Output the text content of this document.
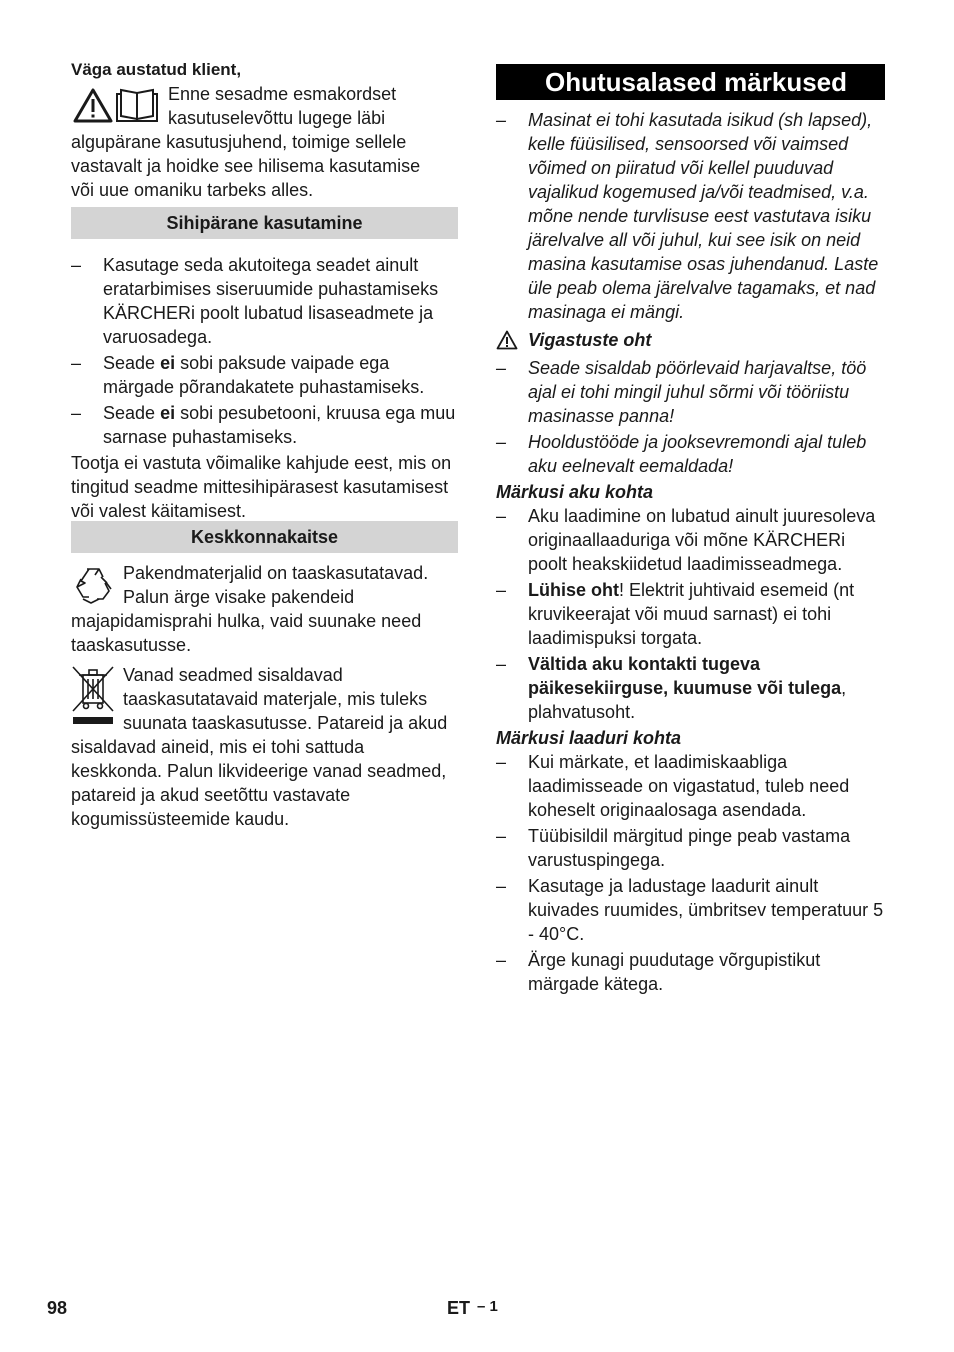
Väga austatud klient,

Enne sesadme esmakordset

kasutuselevõttu lugege läbi

algupärane kasutusjuhend, toimige sellele

vastavalt ja hoidke see hilisema kasutamise

või uue omaniku tarbeks alles.

Sihipärane kasutamine
– Kasutage seda akutoitega seadet ainult eratarbimises siseruumide puhastamiseks KÄRCHERi poolt lubatud lisaseadmete ja varuosadega.
– Seade ei sobi paksude vaipade ega märgade põrandakatete puhastamiseks.
– Seade ei sobi pesubetooni, kruusa ega muu sarnase puhastamiseks.

Tootja ei vastuta võimalike kahjude eest, mis on tingitud seadme mittesihipärasest kasutamisest või valest käitamisest.

Keskkonnakaitse

Pakendmaterjalid on taaskasutatavad. Palun ärge visake pakendeid majapidamisprahi hulka, vaid suunake need taaskasutusse.

Vanad seadmed sisaldavad taaskasutatavaid materjale, mis tuleks suunata taaskasutusse. Patareid ja akud sisaldavad aineid, mis ei tohi sattuda keskkonda. Palun likvideerige vanad seadmed, patareid ja akud seetõttu vastavate kogumissüsteemide kaudu.

Ohutusalased märkused
– Masinat ei tohi kasutada isikud (sh lapsed), kelle füüsilised, sensoorsed või vaimsed võimed on piiratud või kellel puuduvad vajalikud kogemused ja/või teadmised, v.a. mõne nende turvlisuse eest vastutava isiku järelvalve all või juhul, kui see isik on neid masina kasutamise osas juhendanud. Laste üle peab olema järelvalve tagamaks, et nad masinaga ei mängi.
Vigastuste oht
– Seade sisaldab pöörlevaid harjavaltse, töö ajal ei tohi mingil juhul sõrmi või tööriistu masinasse panna!
– Hooldustööde ja jooksevremondi ajal tuleb aku eelnevalt eemaldada!

Märkusi aku kohta

– Aku laadimine on lubatud ainult juuresoleva originaallaaduriga või mõne KÄRCHERi poolt heakskiidetud laadimisseadmega.
– Lühise oht! Elektrit juhtivaid esemeid (nt kruvikeerajat või muud sarnast) ei tohi laadimispuksi torgata.
– Vältida aku kontakti tugeva päikesekiirguse, kuumuse või tulega, plahvatusoht.

Märkusi laaduri kohta

– Kui märkate, et laadimiskaabliga laadimisseade on vigastatud, tuleb need koheselt originaalosaga asendada.
– Tüübisildil märgitud pinge peab vastama varustuspingega.
– Kasutage ja ladustage laadurit ainult kuivades ruumides, ümbritsev temperatuur 5 - 40°C.
– Ärge kunagi puudutage võrgupistikut märgade kätega.
98	ET – 1
